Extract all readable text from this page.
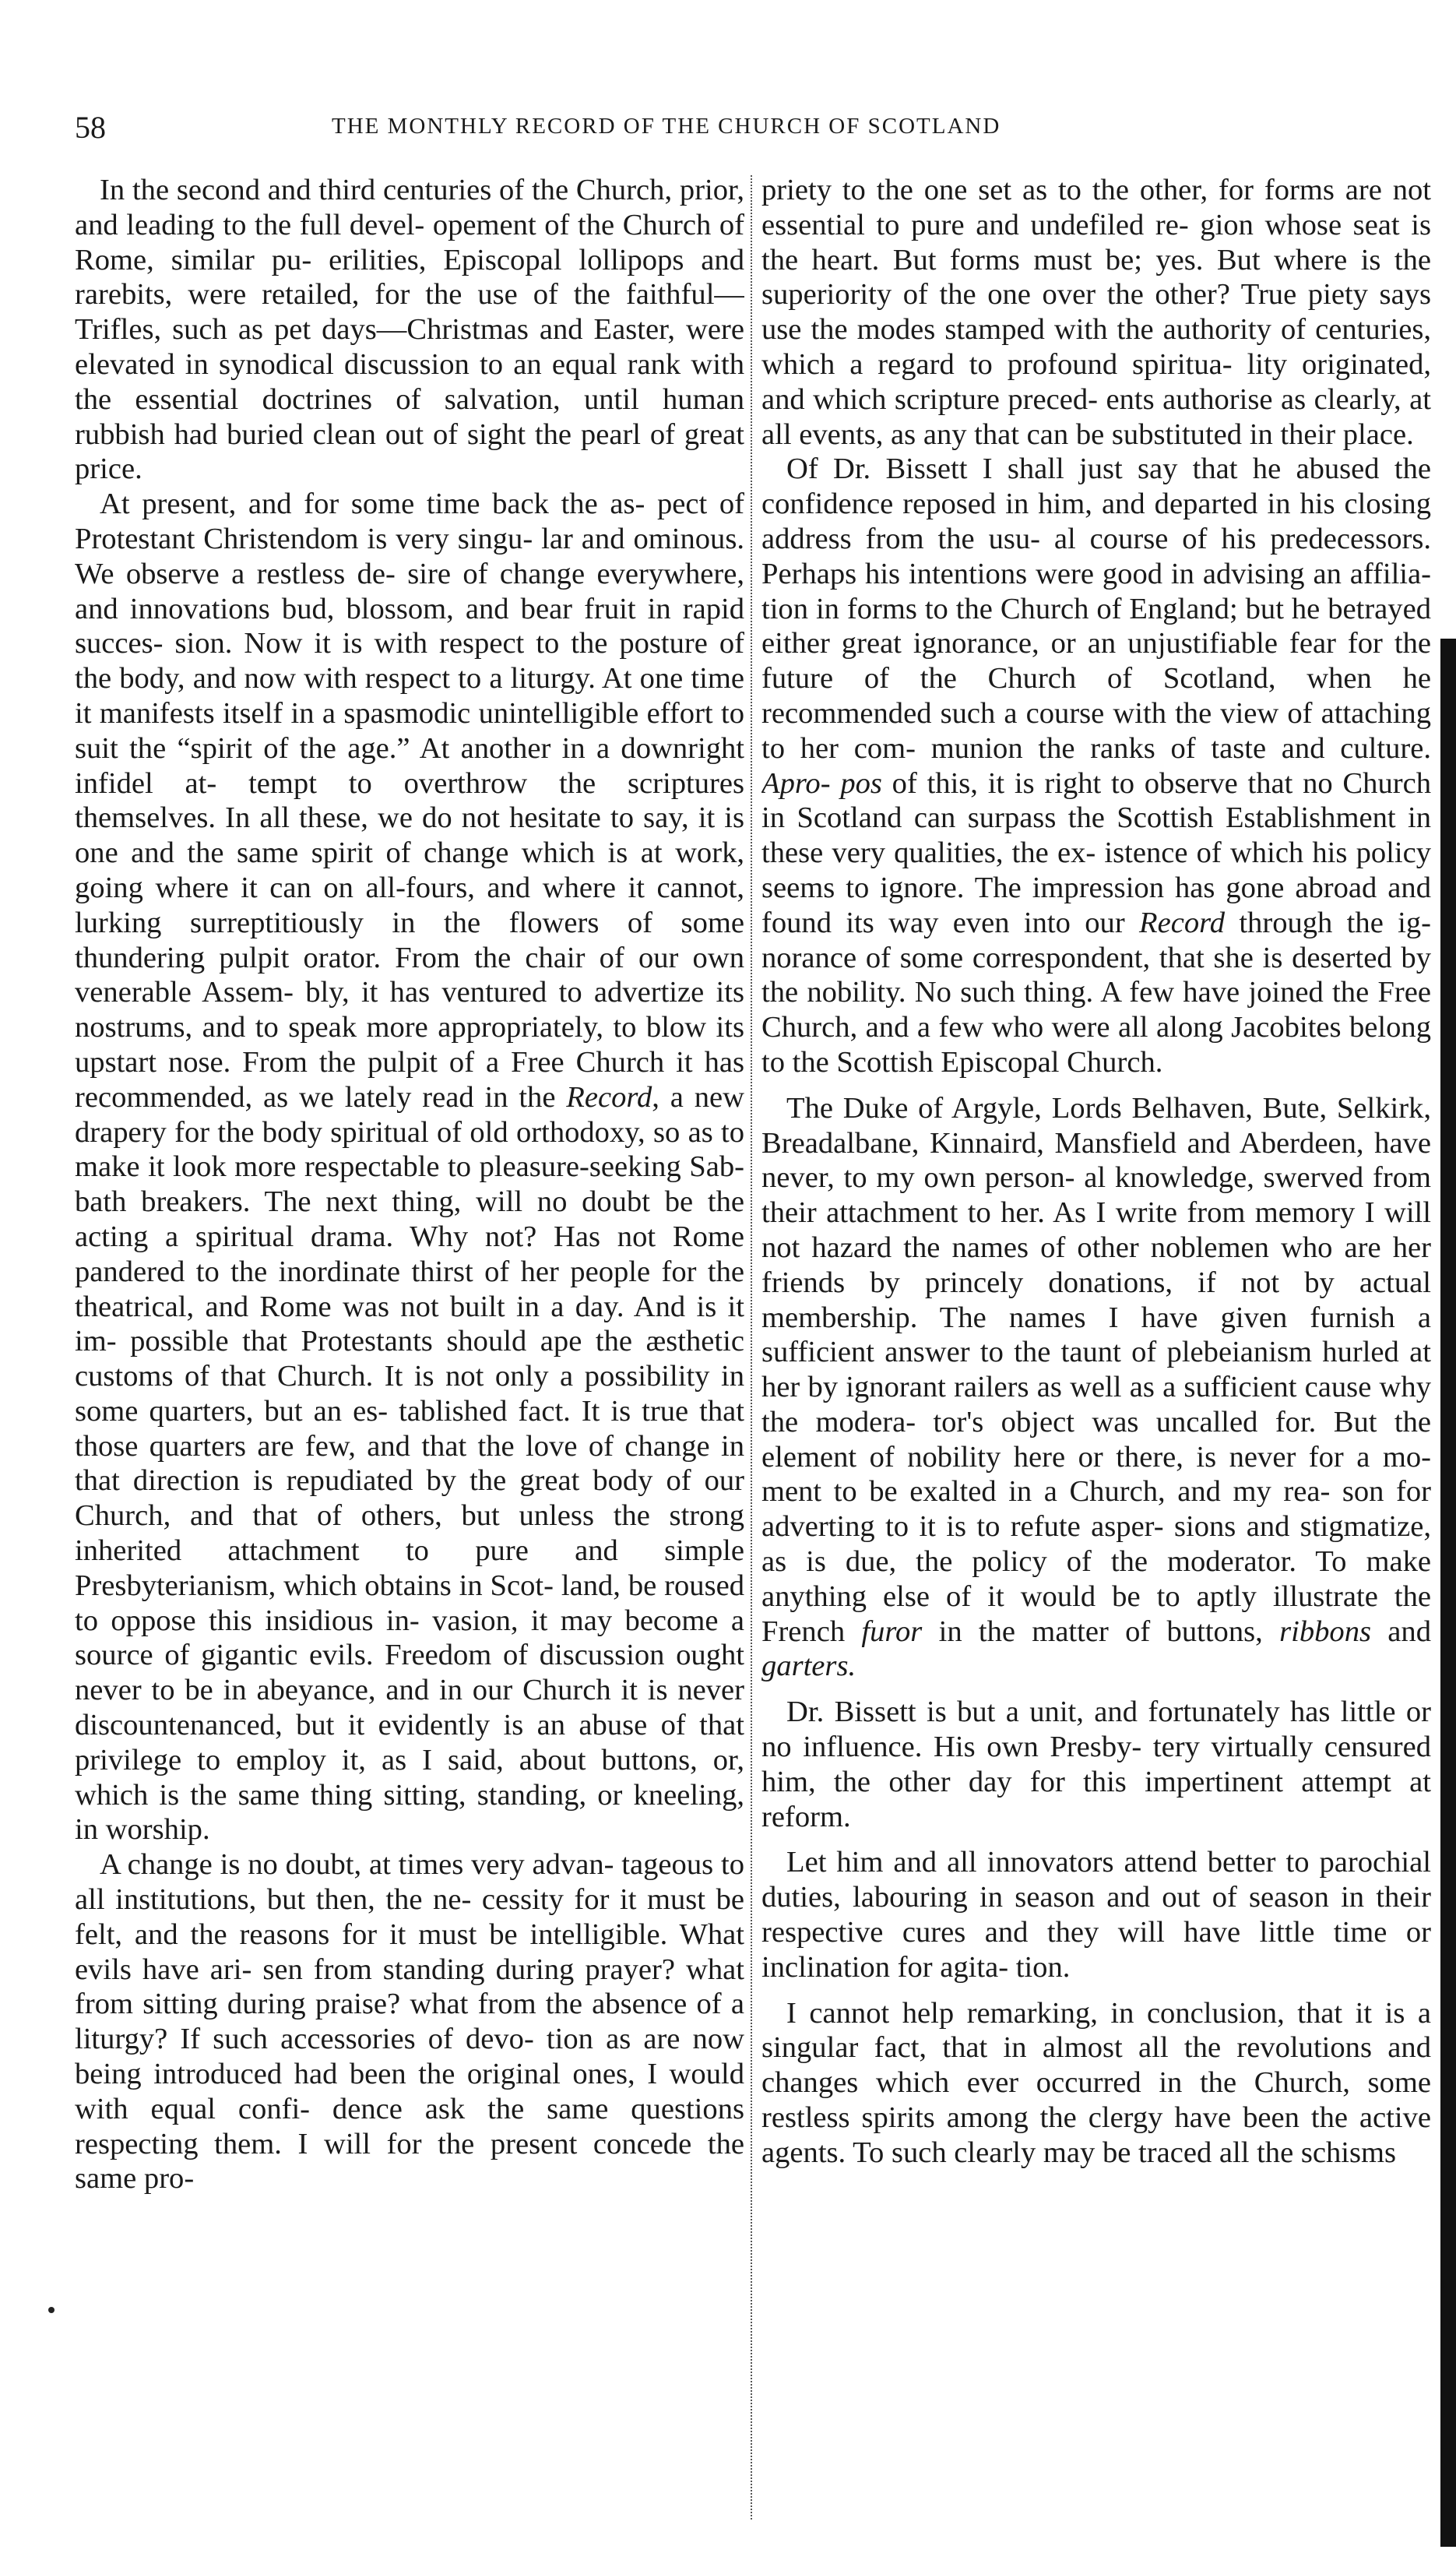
58	THE MONTHLY RECORD OF THE CHURCH OF SCOTLAND

In the second and third centuries of the Church, prior, and leading to the full devel- opement of the Church of Rome, similar pu- erilities, Episcopal lollipops and rarebits, were retailed, for the use of the faithful—Trifles, such as pet days—Christmas and Easter, were elevated in synodical discussion to an equal rank with the essential doctrines of salvation, until human rubbish had buried clean out of sight the pearl of great price.

At present, and for some time back the as- pect of Protestant Christendom is very singu- lar and ominous. We observe a restless de- sire of change everywhere, and innovations bud, blossom, and bear fruit in rapid succes- sion. Now it is with respect to the posture of the body, and now with respect to a liturgy. At one time it manifests itself in a spasmodic unintelligible effort to suit the “spirit of the age.” At another in a downright infidel at- tempt to overthrow the scriptures themselves. In all these, we do not hesitate to say, it is one and the same spirit of change which is at work, going where it can on all-fours, and where it cannot, lurking surreptitiously in the flowers of some thundering pulpit orator. From the chair of our own venerable Assem- bly, it has ventured to advertize its nostrums, and to speak more appropriately, to blow its upstart nose. From the pulpit of a Free Church it has recommended, as we lately read in the Record, a new drapery for the body spiritual of old orthodoxy, so as to make it look more respectable to pleasure-seeking Sab- bath breakers. The next thing, will no doubt be the acting a spiritual drama. Why not? Has not Rome pandered to the inordinate thirst of her people for the theatrical, and Rome was not built in a day. And is it im- possible that Protestants should ape the æsthetic customs of that Church. It is not only a possibility in some quarters, but an es- tablished fact. It is true that those quarters are few, and that the love of change in that direction is repudiated by the great body of our Church, and that of others, but unless the strong inherited attachment to pure and simple Presbyterianism, which obtains in Scot- land, be roused to oppose this insidious in- vasion, it may become a source of gigantic evils. Freedom of discussion ought never to be in abeyance, and in our Church it is never discountenanced, but it evidently is an abuse of that privilege to employ it, as I said, about buttons, or, which is the same thing sitting, standing, or kneeling, in worship.

A change is no doubt, at times very advan- tageous to all institutions, but then, the ne- cessity for it must be felt, and the reasons for it must be intelligible. What evils have ari- sen from standing during prayer? what from sitting during praise? what from the absence of a liturgy? If such accessories of devo- tion as are now being introduced had been the original ones, I would with equal confi- dence ask the same questions respecting them. I will for the present concede the same pro-

priety to the one set as to the other, for forms are not essential to pure and undefiled re- gion whose seat is the heart. But forms must be; yes. But where is the superiority of the one over the other? True piety says use the modes stamped with the authority of centuries, which a regard to profound spiritua- lity originated, and which scripture preced- ents authorise as clearly, at all events, as any that can be substituted in their place.

Of Dr. Bissett I shall just say that he abused the confidence reposed in him, and departed in his closing address from the usu- al course of his predecessors. Perhaps his intentions were good in advising an affilia- tion in forms to the Church of England; but he betrayed either great ignorance, or an unjustifiable fear for the future of the Church of Scotland, when he recommended such a course with the view of attaching to her com- munion the ranks of taste and culture. Apro- pos of this, it is right to observe that no Church in Scotland can surpass the Scottish Establishment in these very qualities, the ex- istence of which his policy seems to ignore. The impression has gone abroad and found its way even into our Record through the ig- norance of some correspondent, that she is deserted by the nobility. No such thing. A few have joined the Free Church, and a few who were all along Jacobites belong to the Scottish Episcopal Church.

The Duke of Argyle, Lords Belhaven, Bute, Selkirk, Breadalbane, Kinnaird, Mansfield and Aberdeen, have never, to my own person- al knowledge, swerved from their attachment to her. As I write from memory I will not hazard the names of other noblemen who are her friends by princely donations, if not by actual membership. The names I have given furnish a sufficient answer to the taunt of plebeianism hurled at her by ignorant railers as well as a sufficient cause why the modera- tor's object was uncalled for. But the element of nobility here or there, is never for a mo- ment to be exalted in a Church, and my rea- son for adverting to it is to refute asper- sions and stigmatize, as is due, the policy of the moderator. To make anything else of it would be to aptly illustrate the French furor in the matter of buttons, ribbons and garters.

Dr. Bissett is but a unit, and fortunately has little or no influence. His own Presby- tery virtually censured him, the other day for this impertinent attempt at reform.

Let him and all innovators attend better to parochial duties, labouring in season and out of season in their respective cures and they will have little time or inclination for agita- tion.

I cannot help remarking, in conclusion, that it is a singular fact, that in almost all the revolutions and changes which ever occurred in the Church, some restless spirits among the clergy have been the active agents. To such clearly may be traced all the schisms
